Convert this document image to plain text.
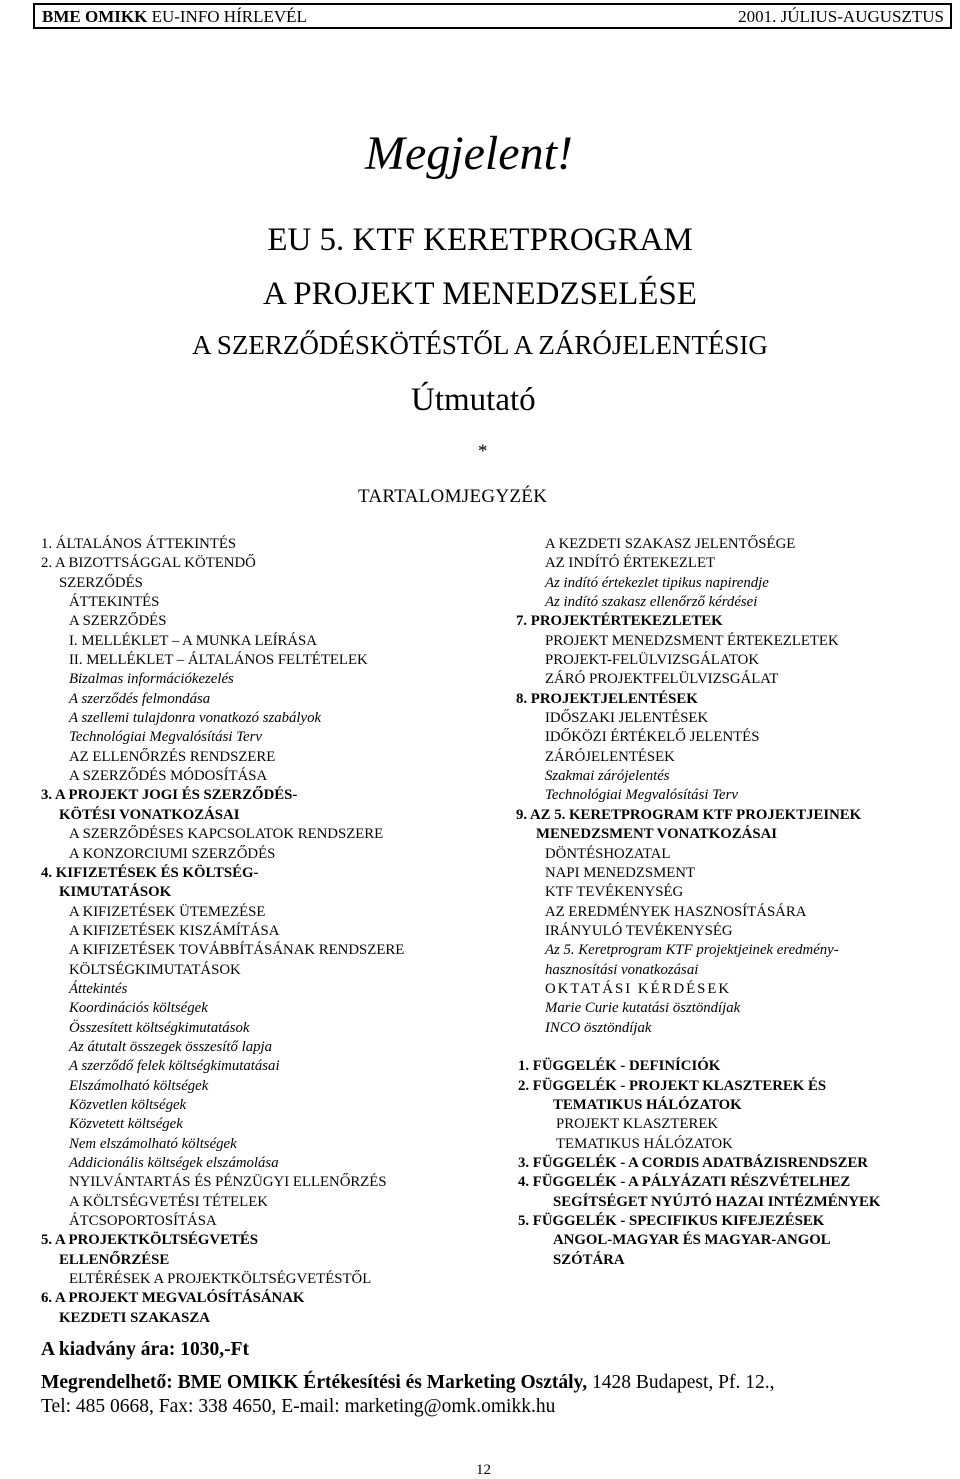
BME OMIKK EU-INFO HÍRLEVÉL	2001. JÚLIUS-AUGUSZTUS
Megjelent!
EU 5. KTF KERETPROGRAM
A PROJEKT MENEDZSELÉSE
A SZERZŐDÉSKÖTÉSTŐL A ZÁRÓJELENTÉSIG
Útmutató
*
TARTALOMJEGYZÉK
1. ÁLTALÁNOS ÁTTEKINTÉS
2. A BIZOTTSÁGGAL KÖTENDŐ
SZERZŐDÉS
ÁTTEKINTÉS
A SZERZŐDÉS
I. MELLÉKLET – A MUNKA LEÍRÁSA
II. MELLÉKLET – ÁLTALÁNOS FELTÉTELEK
Bizalmas információkezelés
A szerződés felmondása
A szellemi tulajdonra vonatkozó szabályok
Technológiai Megvalósítási Terv
AZ ELLENŐRZÉS RENDSZERE
A SZERZŐDÉS MÓDOSÍTÁSA
3. A PROJEKT JOGI ÉS SZERZŐDÉS-
KÖTÉSI VONATKOZÁSAI
A SZERZŐDÉSES KAPCSOLATOK RENDSZERE
A KONZORCIUMI SZERZŐDÉS
4. KIFIZETÉSEK ÉS KÖLTSÉG-
KIMUTATÁSOK
A KIFIZETÉSEK ÜTEMEZÉSE
A KIFIZETÉSEK KISZÁMÍTÁSA
A KIFIZETÉSEK TOVÁBBÍTÁSÁNAK RENDSZERE
KÖLTSÉGKIMUTATÁSOK
Áttekintés
Koordinációs költségek
Összesített költségkimutatások
Az átutalt összegek összesítő lapja
A szerződő felek költségkimutatásai
Elszámolható költségek
Közvetlen költségek
Közvetett költségek
Nem elszámolható költségek
Addicionális költségek elszámolása
NYILVÁNTARTÁS ÉS PÉNZÜGYI ELLENŐRZÉS
A KÖLTSÉGVETÉSI TÉTELEK
ÁTCSOPORTOSÍTÁSA
5. A PROJEKTKÖLTSÉGVETÉS
ELLENŐRZÉSE
ELTÉRÉSEK A PROJEKTKÖLTSÉGVETÉSTŐL
6. A PROJEKT MEGVALÓSÍTÁSÁNAK
KEZDETI SZAKASZA
A KEZDETI SZAKASZ JELENTŐSÉGE
AZ INDÍTÓ ÉRTEKEZLET
Az indító értekezlet tipikus napirendje
Az indító szakasz ellenőrző kérdései
7. PROJEKTÉRTEKEZLETEK
PROJEKT MENEDZSMENT ÉRTEKEZLETEK
PROJEKT-FELÜLVIZSGÁLATOK
ZÁRÓ PROJEKTFELÜLVIZSGÁLAT
8. PROJEKTJELENTÉSEK
IDŐSZAKI JELENTÉSEK
IDŐKÖZI ÉRTÉKELŐ JELENTÉS
ZÁRÓJELENTÉSEK
Szakmai zárójelentés
Technológiai Megvalósítási Terv
9. AZ 5. KERETPROGRAM KTF PROJEKTJEINEK
MENEDZSMENT VONATKOZÁSAI
DÖNTÉSHOZATAL
NAPI MENEDZSMENT
KTF TEVÉKENYSÉG
AZ EREDMÉNYEK HASZNOSÍTÁSÁRA
IRÁNYULÓ TEVÉKENYSÉG
Az 5. Keretprogram KTF projektjeinek eredmény-
hasznosítási vonatkozásai
OKTATÁSI KÉRDÉSEK
Marie Curie kutatási ösztöndíjak
INCO ösztöndíjak
1. FÜGGELÉK - DEFINÍCIÓK
2. FÜGGELÉK - PROJEKT KLASZTEREK ÉS
TEMATIKUS HÁLÓZATOK
PROJEKT KLASZTEREK
TEMATIKUS HÁLÓZATOK
3. FÜGGELÉK - A CORDIS ADATBÁZISRENDSZER
4. FÜGGELÉK - A PÁLYÁZATI RÉSZVÉTELHEZ
SEGÍTSÉGET NYÚJTÓ HAZAI INTÉZMÉNYEK
5. FÜGGELÉK - SPECIFIKUS KIFEJEZÉSEK
ANGOL-MAGYAR ÉS MAGYAR-ANGOL
SZÓTÁRA
A kiadvány ára: 1030,-Ft
Megrendelhető: BME OMIKK Értékesítési és Marketing Osztály, 1428 Budapest, Pf. 12.,
Tel: 485 0668, Fax: 338 4650, E-mail: marketing@omk.omikk.hu
12
